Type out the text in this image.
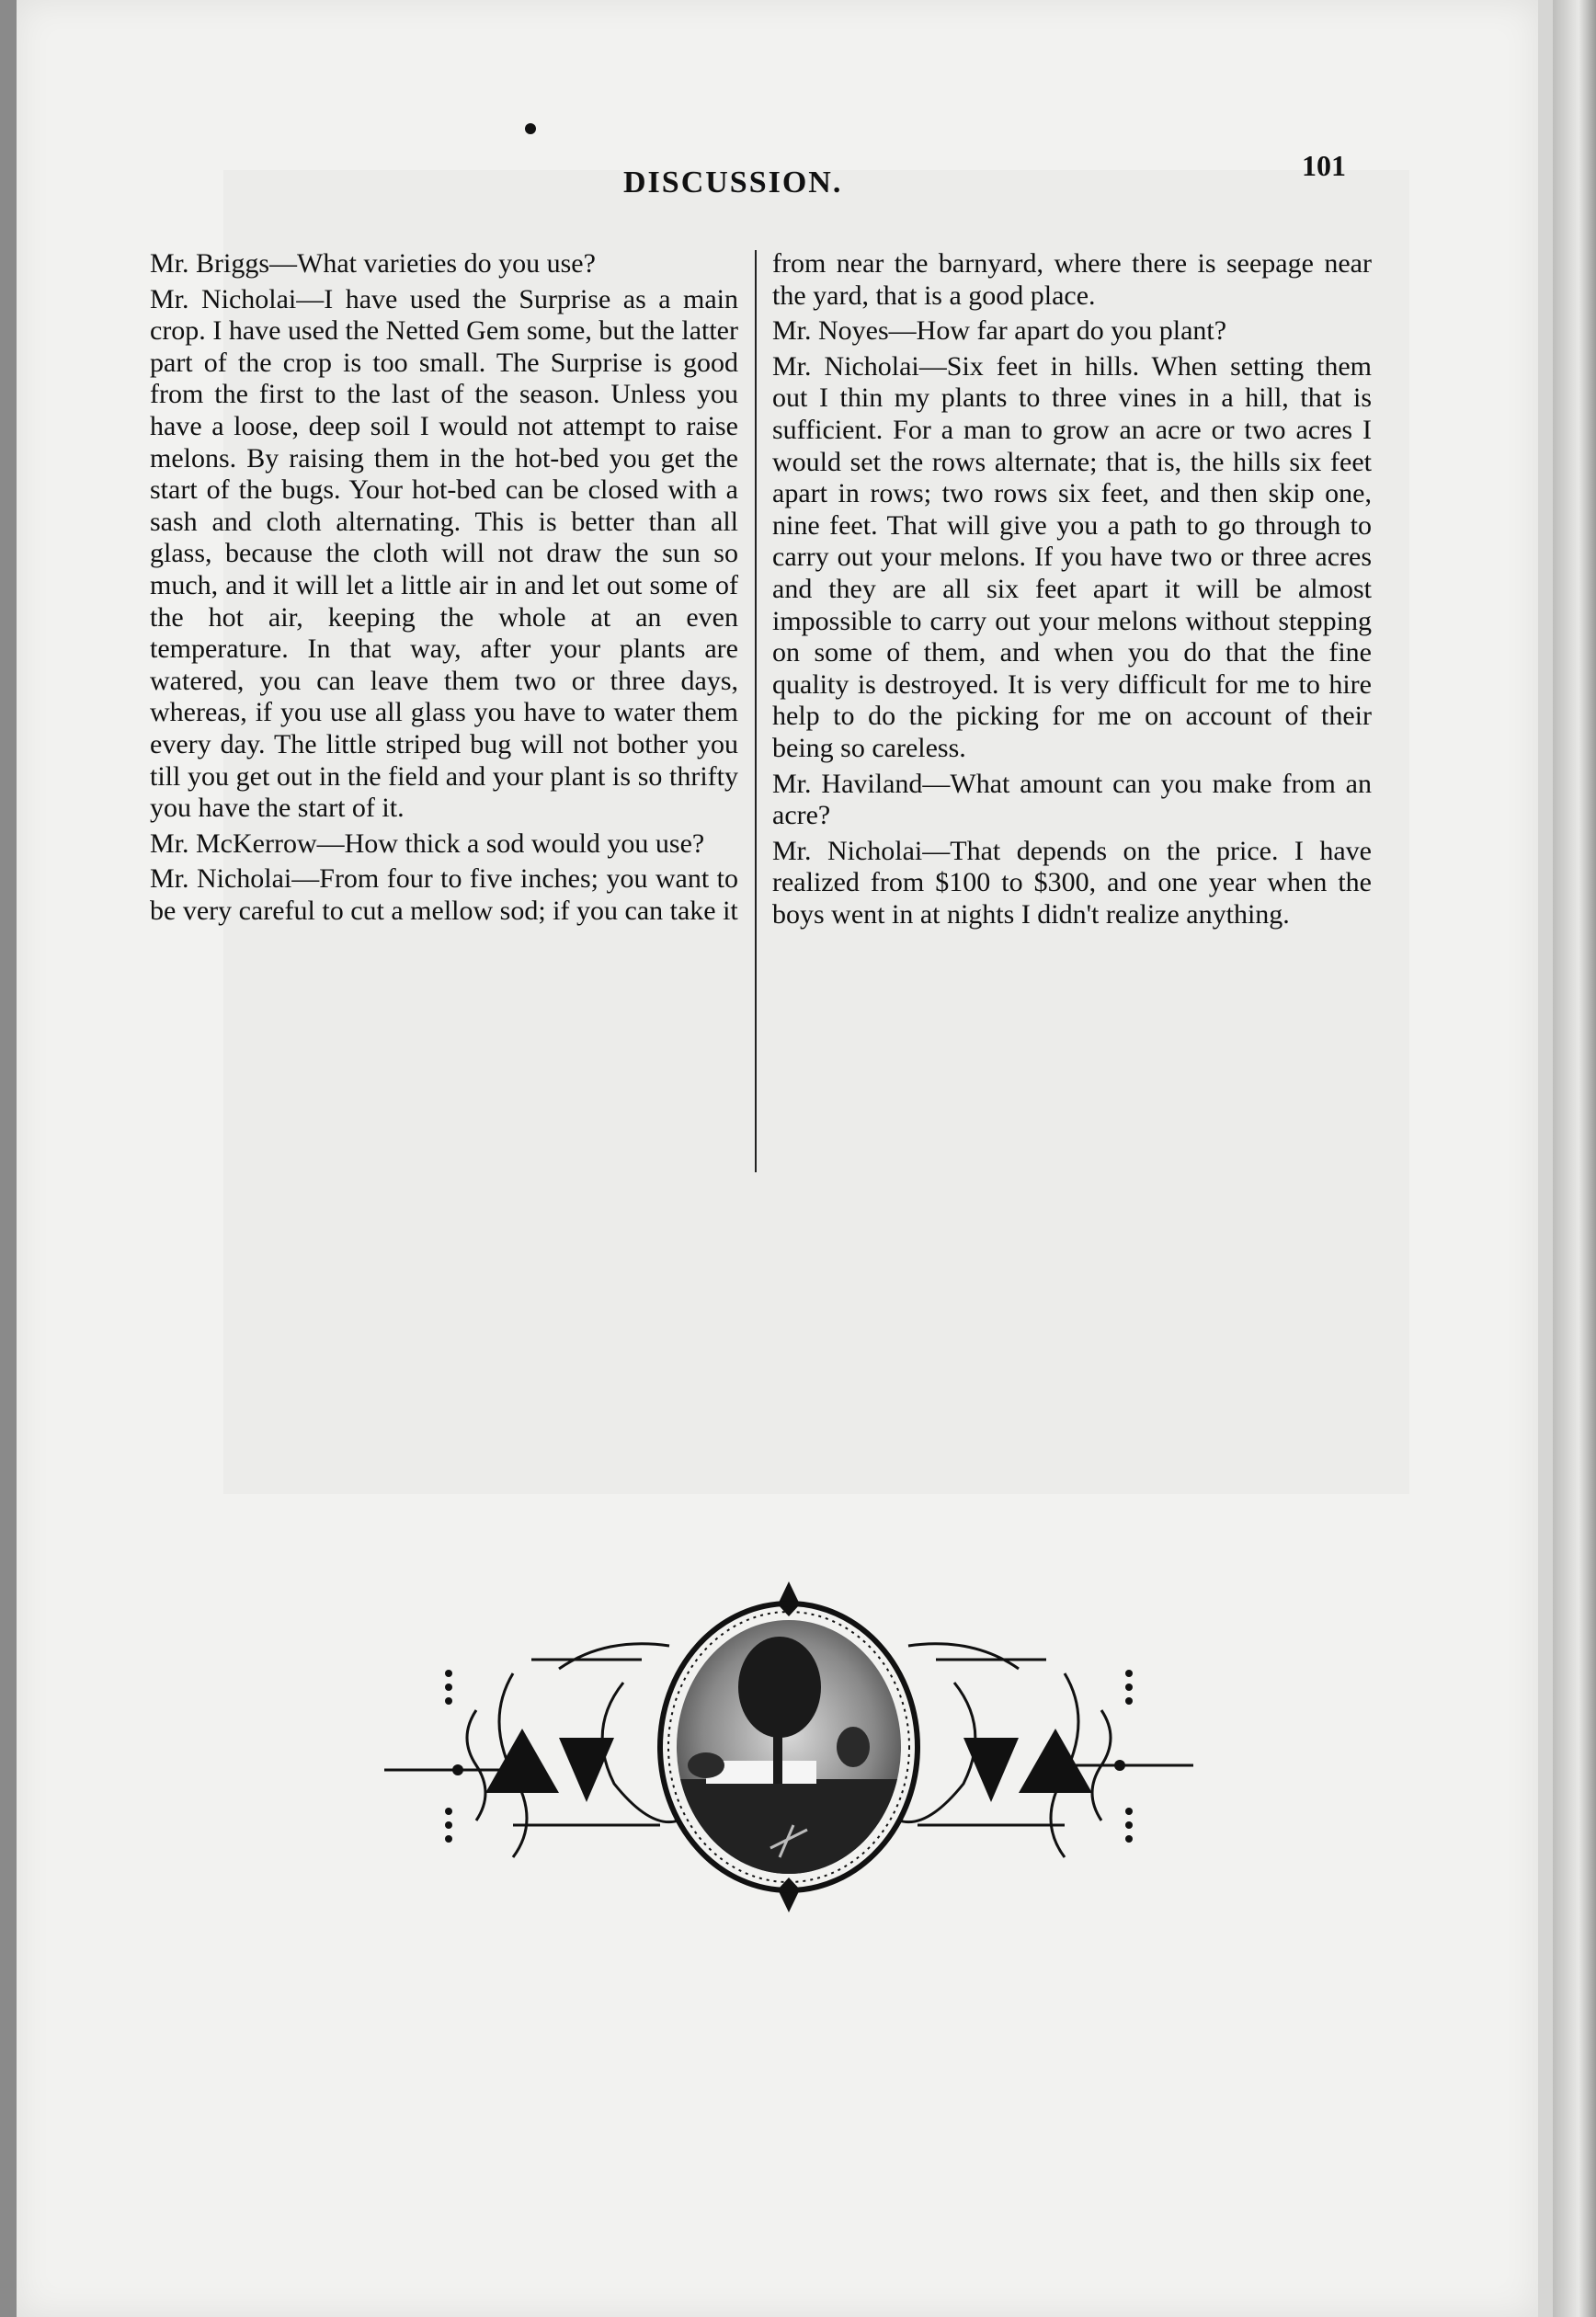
DISCUSSION.	101

Mr. Briggs—What varieties do you use?

Mr. Nicholai—I have used the Surprise as a main crop. I have used the Netted Gem some, but the latter part of the crop is too small. The Surprise is good from the first to the last of the season. Unless you have a loose, deep soil I would not attempt to raise melons. By raising them in the hot-bed you get the start of the bugs. Your hot-bed can be closed with a sash and cloth alternating. This is better than all glass, because the cloth will not draw the sun so much, and it will let a little air in and let out some of the hot air, keeping the whole at an even temperature. In that way, after your plants are watered, you can leave them two or three days, whereas, if you use all glass you have to water them every day. The little striped bug will not bother you till you get out in the field and your plant is so thrifty you have the start of it.

Mr. McKerrow—How thick a sod would you use?

Mr. Nicholai—From four to five inches; you want to be very careful to cut a mellow sod; if you can take it

from near the barnyard, where there is seepage near the yard, that is a good place.

Mr. Noyes—How far apart do you plant?

Mr. Nicholai—Six feet in hills. When setting them out I thin my plants to three vines in a hill, that is sufficient. For a man to grow an acre or two acres I would set the rows alternate; that is, the hills six feet apart in rows; two rows six feet, and then skip one, nine feet. That will give you a path to go through to carry out your melons. If you have two or three acres and they are all six feet apart it will be almost impossible to carry out your melons without stepping on some of them, and when you do that the fine quality is destroyed. It is very difficult for me to hire help to do the picking for me on account of their being so careless.

Mr. Haviland—What amount can you make from an acre?

Mr. Nicholai—That depends on the price. I have realized from $100 to $300, and one year when the boys went in at nights I didn't realize anything.
